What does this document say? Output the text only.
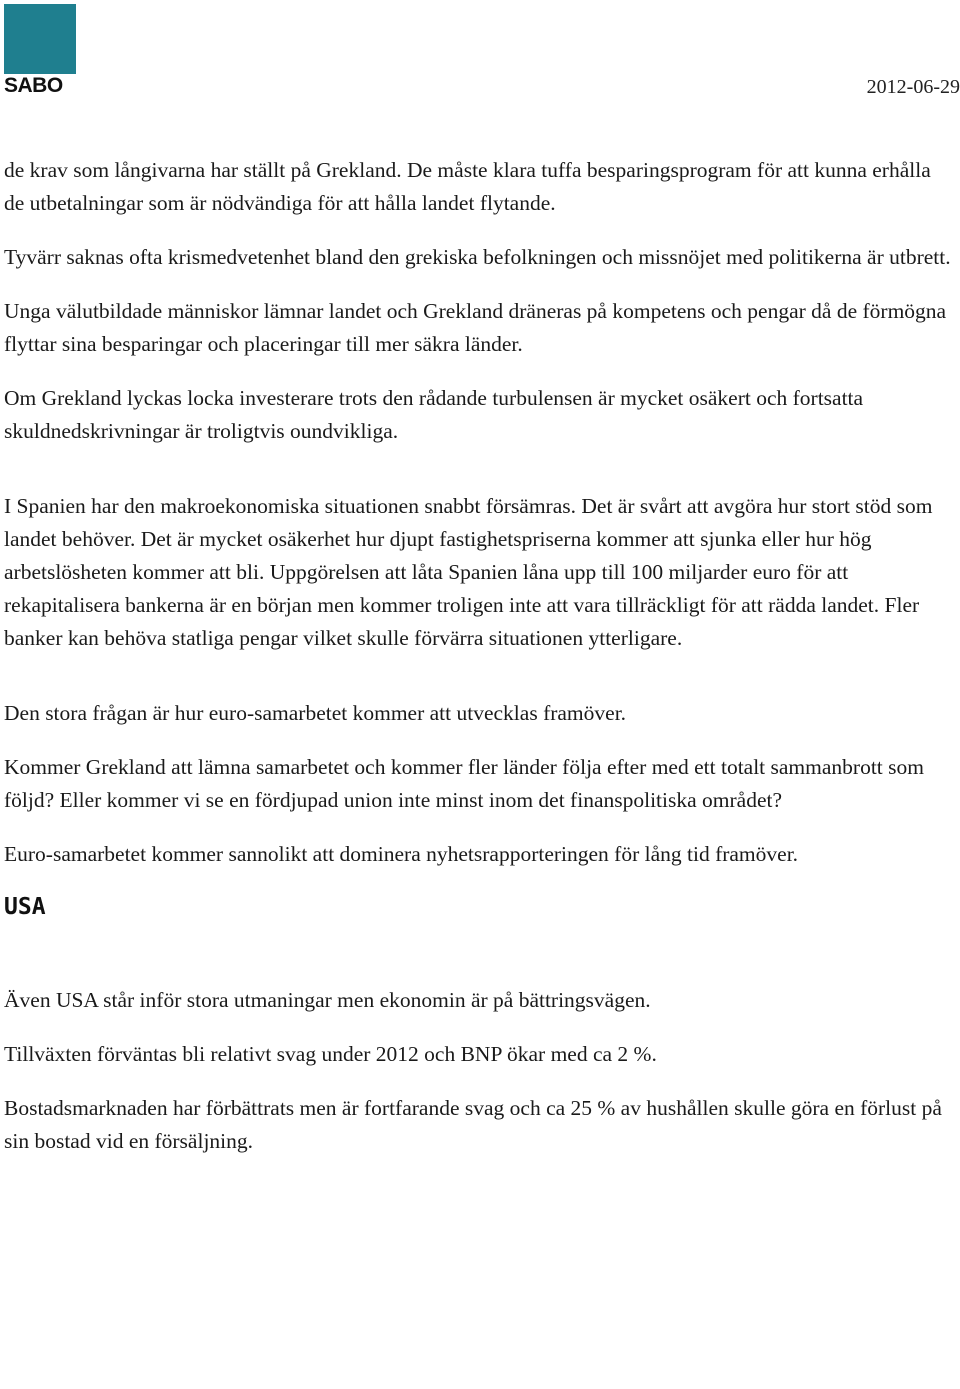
SABO	2012-06-29

de krav som långivarna har ställt på Grekland. De måste klara tuffa besparingsprogram för att kunna erhålla de utbetalningar som är nödvändiga för att hålla landet flytande.

Tyvärr saknas ofta krismedvetenhet bland den grekiska befolkningen och missnöjet med politikerna är utbrett.

Unga välutbildade människor lämnar landet och Grekland dräneras på kompetens och pengar då de förmögna flyttar sina besparingar och placeringar till mer säkra länder.

Om Grekland lyckas locka investerare trots den rådande turbulensen är mycket osäkert och fortsatta skuldnedskrivningar är troligtvis oundvikliga.

I Spanien har den makroekonomiska situationen snabbt försämras. Det är svårt att avgöra hur stort stöd som landet behöver. Det är mycket osäkerhet hur djupt fastighetspriserna kommer att sjunka eller hur hög arbetslösheten kommer att bli. Uppgörelsen att låta Spanien låna upp till 100 miljarder euro för att rekapitalisera bankerna är en början men kommer troligen inte att vara tillräckligt för att rädda landet. Fler banker kan behöva statliga pengar vilket skulle förvärra situationen ytterligare.

Den stora frågan är hur euro-samarbetet kommer att utvecklas framöver.

Kommer Grekland att lämna samarbetet och kommer fler länder följa efter med ett totalt sammanbrott som följd? Eller kommer vi se en fördjupad union inte minst inom det finanspolitiska området?

Euro-samarbetet kommer sannolikt att dominera nyhetsrapporteringen för lång tid framöver.

USA

Även USA står inför stora utmaningar men ekonomin är på bättringsvägen.

Tillväxten förväntas bli relativt svag under 2012 och BNP ökar med ca 2 %.

Bostadsmarknaden har förbättrats men är fortfarande svag och ca 25 % av hushållen skulle göra en förlust på sin bostad vid en försäljning.
